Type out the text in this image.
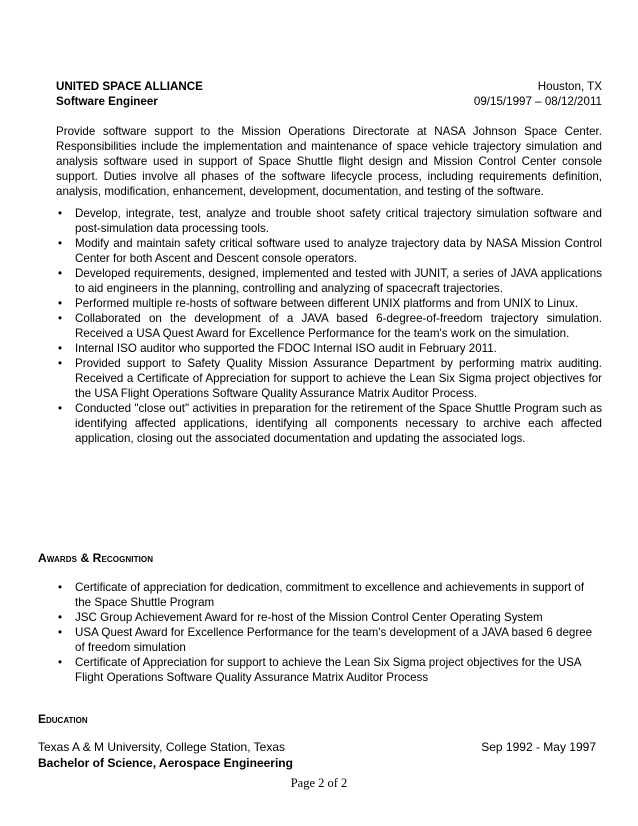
UNITED SPACE ALLIANCE	Houston, TX
Software Engineer	09/15/1997 – 08/12/2011
Provide software support to the Mission Operations Directorate at NASA Johnson Space Center. Responsibilities include the implementation and maintenance of space vehicle trajectory simulation and analysis software used in support of Space Shuttle flight design and Mission Control Center console support. Duties involve all phases of the software lifecycle process, including requirements definition, analysis, modification, enhancement, development, documentation, and testing of the software.
• Develop, integrate, test, analyze and trouble shoot safety critical trajectory simulation software and post-simulation data processing tools.
• Modify and maintain safety critical software used to analyze trajectory data by NASA Mission Control Center for both Ascent and Descent console operators.
• Developed requirements, designed, implemented and tested with JUNIT, a series of JAVA applications to aid engineers in the planning, controlling and analyzing of spacecraft trajectories.
• Performed multiple re-hosts of software between different UNIX platforms and from UNIX to Linux.
• Collaborated on the development of a JAVA based 6-degree-of-freedom trajectory simulation. Received a USA Quest Award for Excellence Performance for the team's work on the simulation.
• Internal ISO auditor who supported the FDOC Internal ISO audit in February 2011.
• Provided support to Safety Quality Mission Assurance Department by performing matrix auditing. Received a Certificate of Appreciation for support to achieve the Lean Six Sigma project objectives for the USA Flight Operations Software Quality Assurance Matrix Auditor Process.
• Conducted "close out" activities in preparation for the retirement of the Space Shuttle Program such as identifying affected applications, identifying all components necessary to archive each affected application, closing out the associated documentation and updating the associated logs.
Awards & Recognition
• Certificate of appreciation for dedication, commitment to excellence and achievements in support of the Space Shuttle Program
• JSC Group Achievement Award for re-host of the Mission Control Center Operating System
• USA Quest Award for Excellence Performance for the team's development of a JAVA based 6 degree of freedom simulation
• Certificate of Appreciation for support to achieve the Lean Six Sigma project objectives for the USA Flight Operations Software Quality Assurance Matrix Auditor Process
Education
Texas A & M University, College Station, Texas	Sep 1992 - May 1997
Bachelor of Science, Aerospace Engineering
Page 2 of 2
